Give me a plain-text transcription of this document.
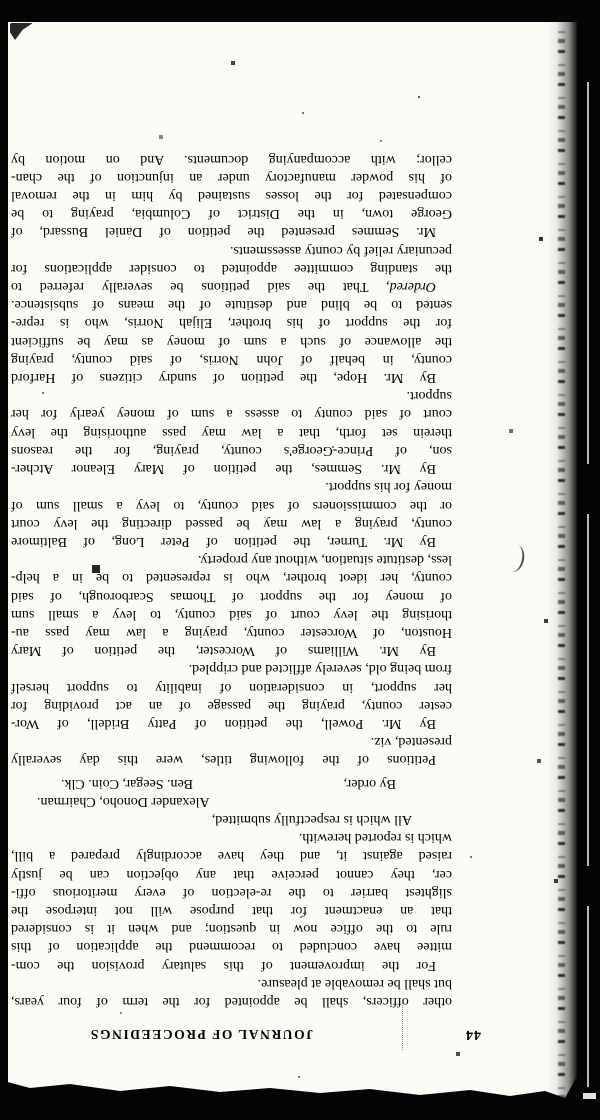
44
JOURNAL OF PROCEEDINGS
other officers, shall be appointed for the term of four years,
but shall be removable at pleasure.
For the improvement of this salutary provision the com-
mittee have concluded to recommend the application of this
rule to the office now in question; and when it is considered
that an enactment for that purpose will not interpose the
slightest barrier to the re-election of every meritorious offi-
cer, they cannot perceive that any objection can be justly
raised against it, and they have accordingly prepared a bill,
which is reported herewith.
All which is respectfully submitted,
Alexander Donoho, Chairman.
By order,
Ben. Seegar, Coin. Clk.
Petitions of the following titles, were this day severally
presented, viz.
By Mr. Powell, the petition of Patty Bridell, of Wor-
cester county, praying the passage of an act providing for
her support, in consideration of inability to support herself
from being old, severely afflicted and crippled.
By Mr. Williams of Worcester, the petition of Mary
Houston, of Worcester county, praying a law may pass au-
thorising the levy court of said county, to levy a small sum
of money for the support of Thomas Scarborough, of said
county, her ideot brother, who is represented to be in a help-
less, destitute situation, without any property.
By Mr. Turner, the petition of Peter Long, of Baltimore
county, praying a law may be passed directing the levy court
or the commissioners of said county, to levy a small sum of
money for his support.
By Mr. Semmes, the petition of Mary Eleanor Atcher-
son, of Prince-George's county, praying, for the reasons
therein set forth, that a law may pass authorising the levy
court of said county to assess a sum of money yearly for her
support.
By Mr. Hope, the petition of sundry citizens of Harford
county, in behalf of John Norris, of said county, praying
the allowance of such a sum of money as may be sufficient
for the support of his brother, Elijah Norris, who is repre-
sented to be blind and destitute of the means of subsistence.
Ordered, That the said petitions be severally referred to
the standing committee appointed to consider applications for
pecuniary relief by county assessments.
Mr. Semmes presented the petition of Daniel Bussard, of
George town, in the District of Columbia, praying to be
compensated for the losses sustained by him in the removal
of his powder manufactory under an injunction of the chan-
cellor; with accompanying documents. And on motion by
